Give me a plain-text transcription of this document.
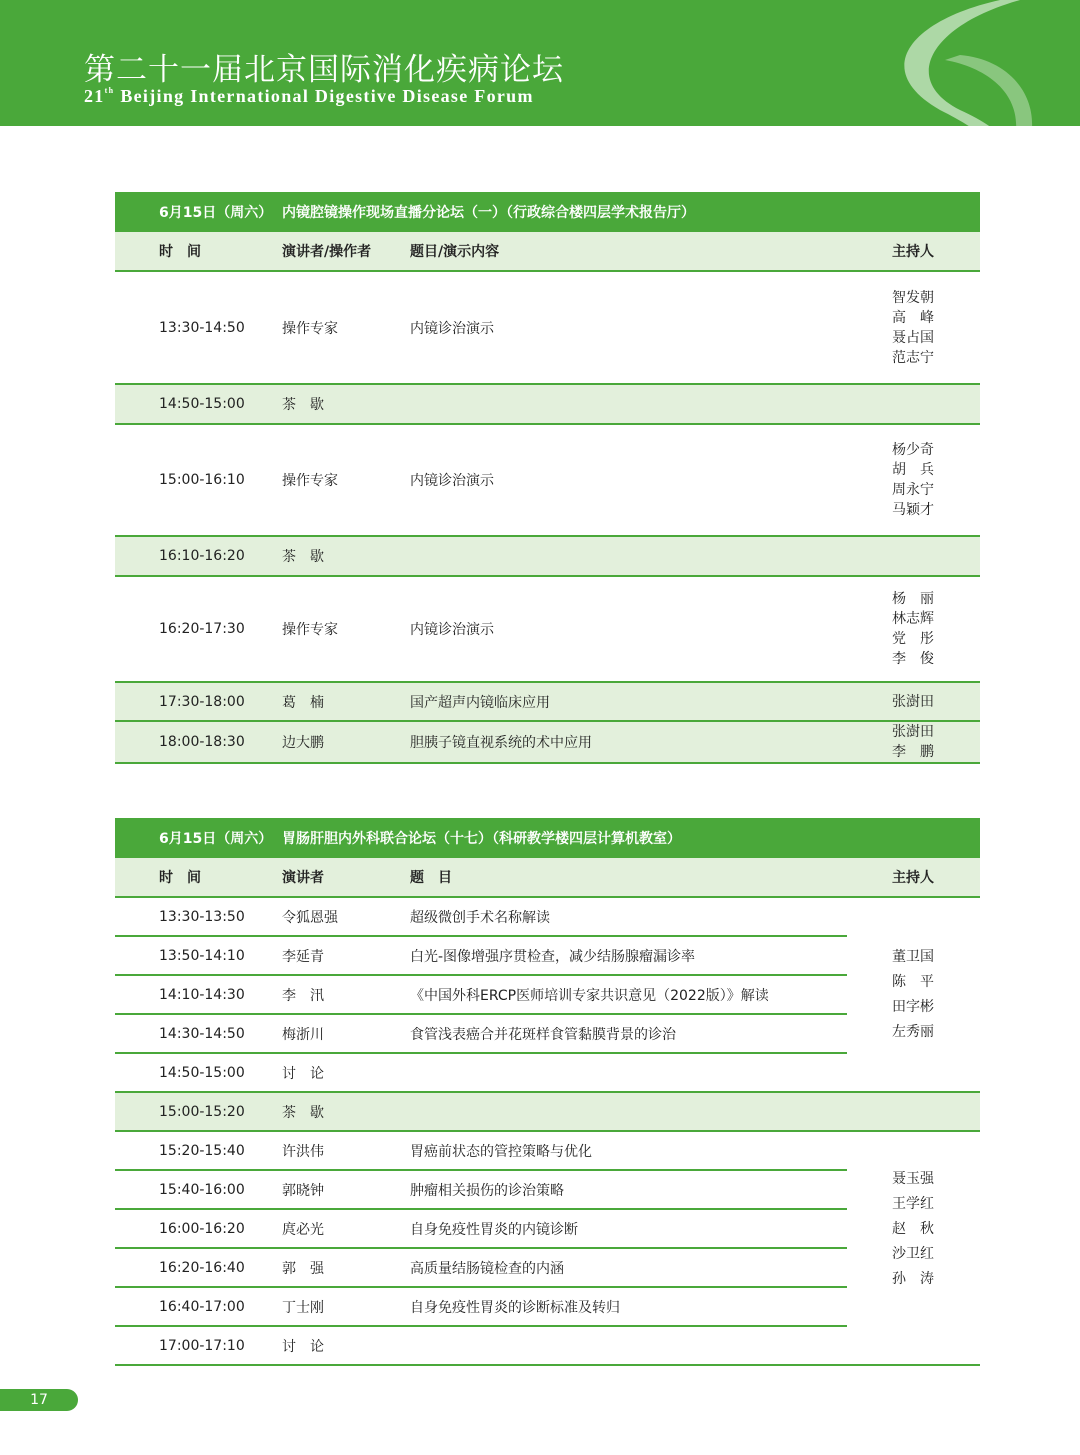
第二十一届北京国际消化疾病论坛
21th Beijing International Digestive Disease Forum
6月15日（周六）	内镜腔镜操作现场直播分论坛（一）（行政综合楼四层学术报告厅）		
时　间	演讲者/操作者	题目/演示内容	主持人
13:30-14:50	操作专家	内镜诊治演示	智发朝
高　峰
聂占国
范志宁

14:50-15:00	茶　歇		
15:00-16:10	操作专家	内镜诊治演示	杨少奇
胡　兵
周永宁
马颖才

16:10-16:20	茶　歇		
16:20-17:30	操作专家	内镜诊治演示	杨　丽
林志辉
党　彤
李　俊

17:30-18:00	葛　楠	国产超声内镜临床应用	张澍田

18:00-18:30	边大鹏	胆胰子镜直视系统的术中应用	张澍田
李　鹏
6月15日（周六）	胃肠肝胆内外科联合论坛（十七）（科研教学楼四层计算机教室）			
时　间	演讲者	题　目		主持人
13:30-13:50	令狐恩强	超级微创手术名称解读	董卫国
陈　平
田字彬
左秀丽	

13:50-14:10	李延青	白光-图像增强序贯检查，减少结肠腺瘤漏诊率		
14:10-14:30	李　汛	《中国外科ERCP医师培训专家共识意见（2022版）》解读		
14:30-14:50	梅浙川	食管浅表癌合并花斑样食管黏膜背景的诊治		
14:50-15:00	讨　论			
15:00-15:20	茶　歇			
15:20-15:40	许洪伟	胃癌前状态的管控策略与优化	聂玉强
王学红
赵　秋
沙卫红
孙　涛	

15:40-16:00	郭晓钟	肿瘤相关损伤的诊治策略		
16:00-16:20	庹必光	自身免疫性胃炎的内镜诊断		
16:20-16:40	郭　强	高质量结肠镜检查的内涵		
16:40-17:00	丁士刚	自身免疫性胃炎的诊断标准及转归		
17:00-17:10	讨　论			
17
